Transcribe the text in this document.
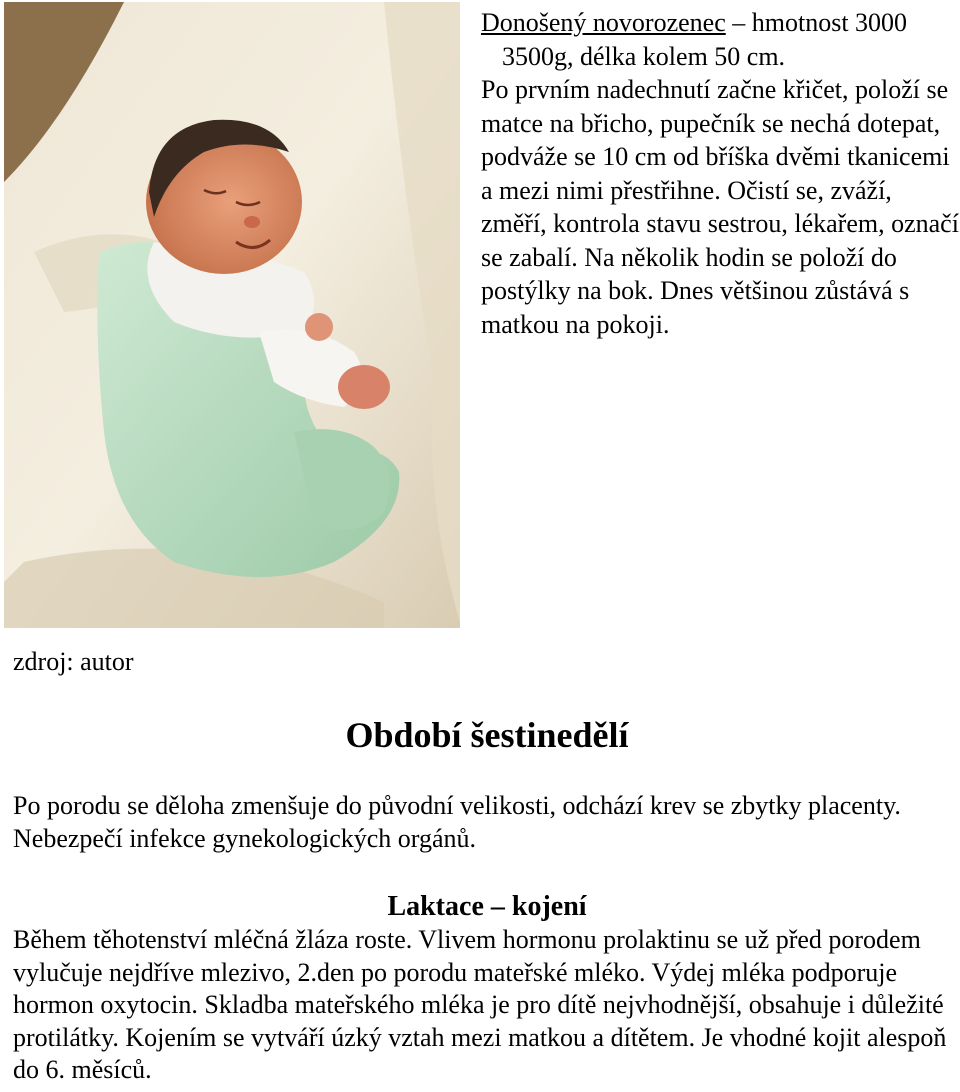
Donošený novorozenec – hmotnost 3000

3500g, délka kolem 50 cm.

Po prvním nadechnutí začne křičet, položí se matce na břicho, pupečník se nechá dotepat, podváže se 10 cm od bříška dvěmi tkanicemi a mezi nimi přestřihne. Očistí se, zváží, změří, kontrola stavu sestrou, lékařem, označí se zabalí. Na několik hodin se položí do postýlky na bok. Dnes většinou zůstává s matkou na pokoji.

zdroj: autor
Období šestinedělí

Po porodu se děloha zmenšuje do původní velikosti, odchází krev se zbytky placenty. Nebezpečí infekce gynekologických orgánů.

Laktace – kojení

Během těhotenství mléčná žláza roste. Vlivem hormonu prolaktinu se už před porodem vylučuje nejdříve mlezivo, 2.den po porodu mateřské mléko. Výdej mléka podporuje hormon oxytocin. Skladba mateřského mléka je pro dítě nejvhodnější, obsahuje i důležité protilátky. Kojením se vytváří úzký vztah mezi matkou a dítětem. Je vhodné kojit alespoň do 6. měsíců.
